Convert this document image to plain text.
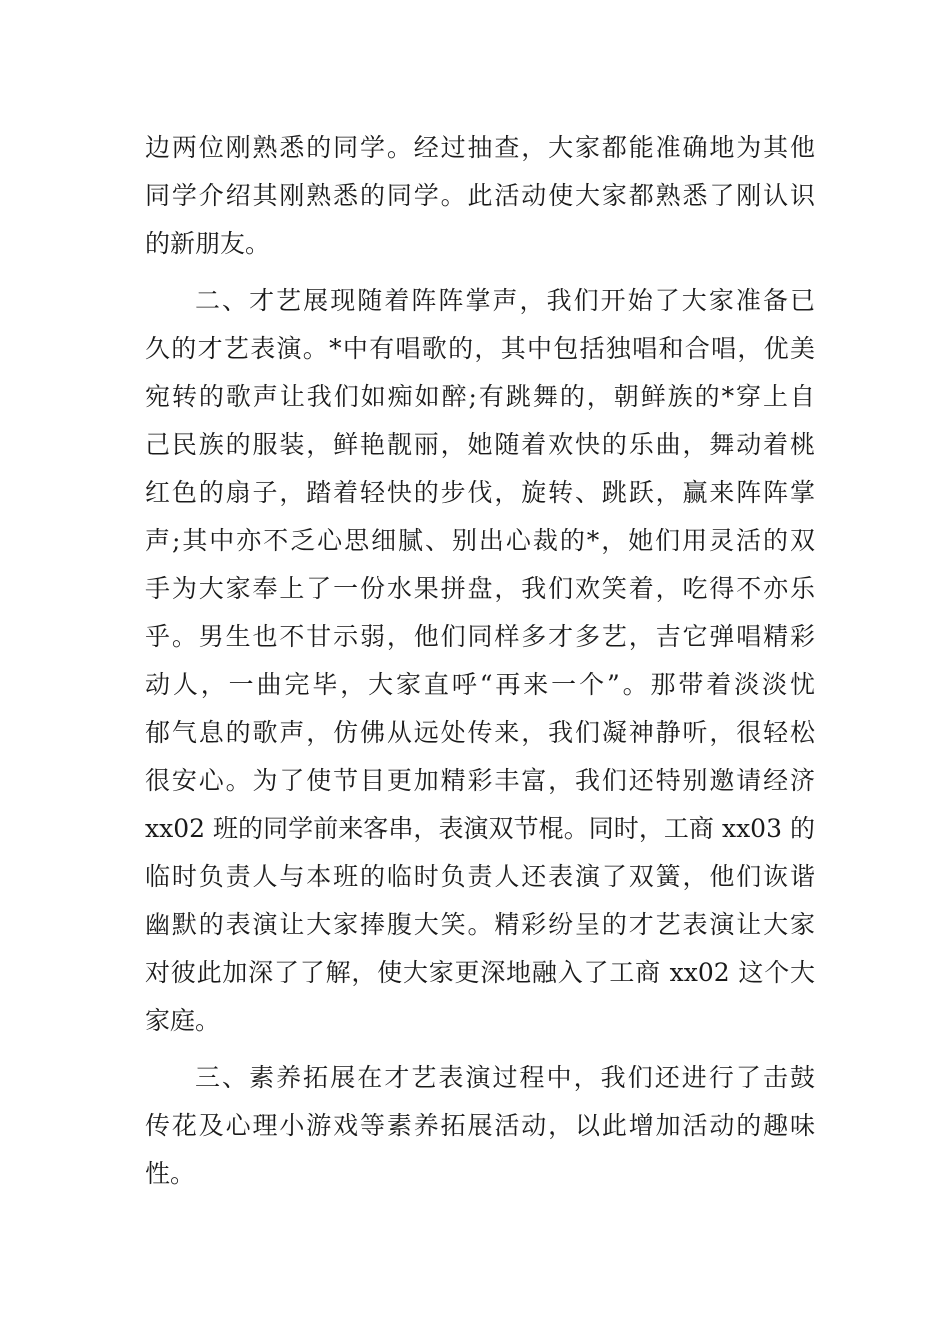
边两位刚熟悉的同学。经过抽查，大家都能准确地为其他
同学介绍其刚熟悉的同学。此活动使大家都熟悉了刚认识
的新朋友。
二、才艺展现随着阵阵掌声，我们开始了大家准备已
久的才艺表演。*中有唱歌的，其中包括独唱和合唱，优美
宛转的歌声让我们如痴如醉;有跳舞的，朝鲜族的*穿上自
己民族的服装，鲜艳靓丽，她随着欢快的乐曲，舞动着桃
红色的扇子，踏着轻快的步伐，旋转、跳跃，赢来阵阵掌
声;其中亦不乏心思细腻、别出心裁的*，她们用灵活的双
手为大家奉上了一份水果拼盘，我们欢笑着，吃得不亦乐
乎。男生也不甘示弱，他们同样多才多艺，吉它弹唱精彩
动人，一曲完毕，大家直呼“再来一个”。那带着淡淡忧
郁气息的歌声，仿佛从远处传来，我们凝神静听，很轻松
很安心。为了使节目更加精彩丰富，我们还特别邀请经济
xx02 班的同学前来客串，表演双节棍。同时，工商 xx03 的
临时负责人与本班的临时负责人还表演了双簧，他们诙谐
幽默的表演让大家捧腹大笑。精彩纷呈的才艺表演让大家
对彼此加深了了解，使大家更深地融入了工商 xx02 这个大
家庭。
三、素养拓展在才艺表演过程中，我们还进行了击鼓
传花及心理小游戏等素养拓展活动，以此增加活动的趣味
性。
